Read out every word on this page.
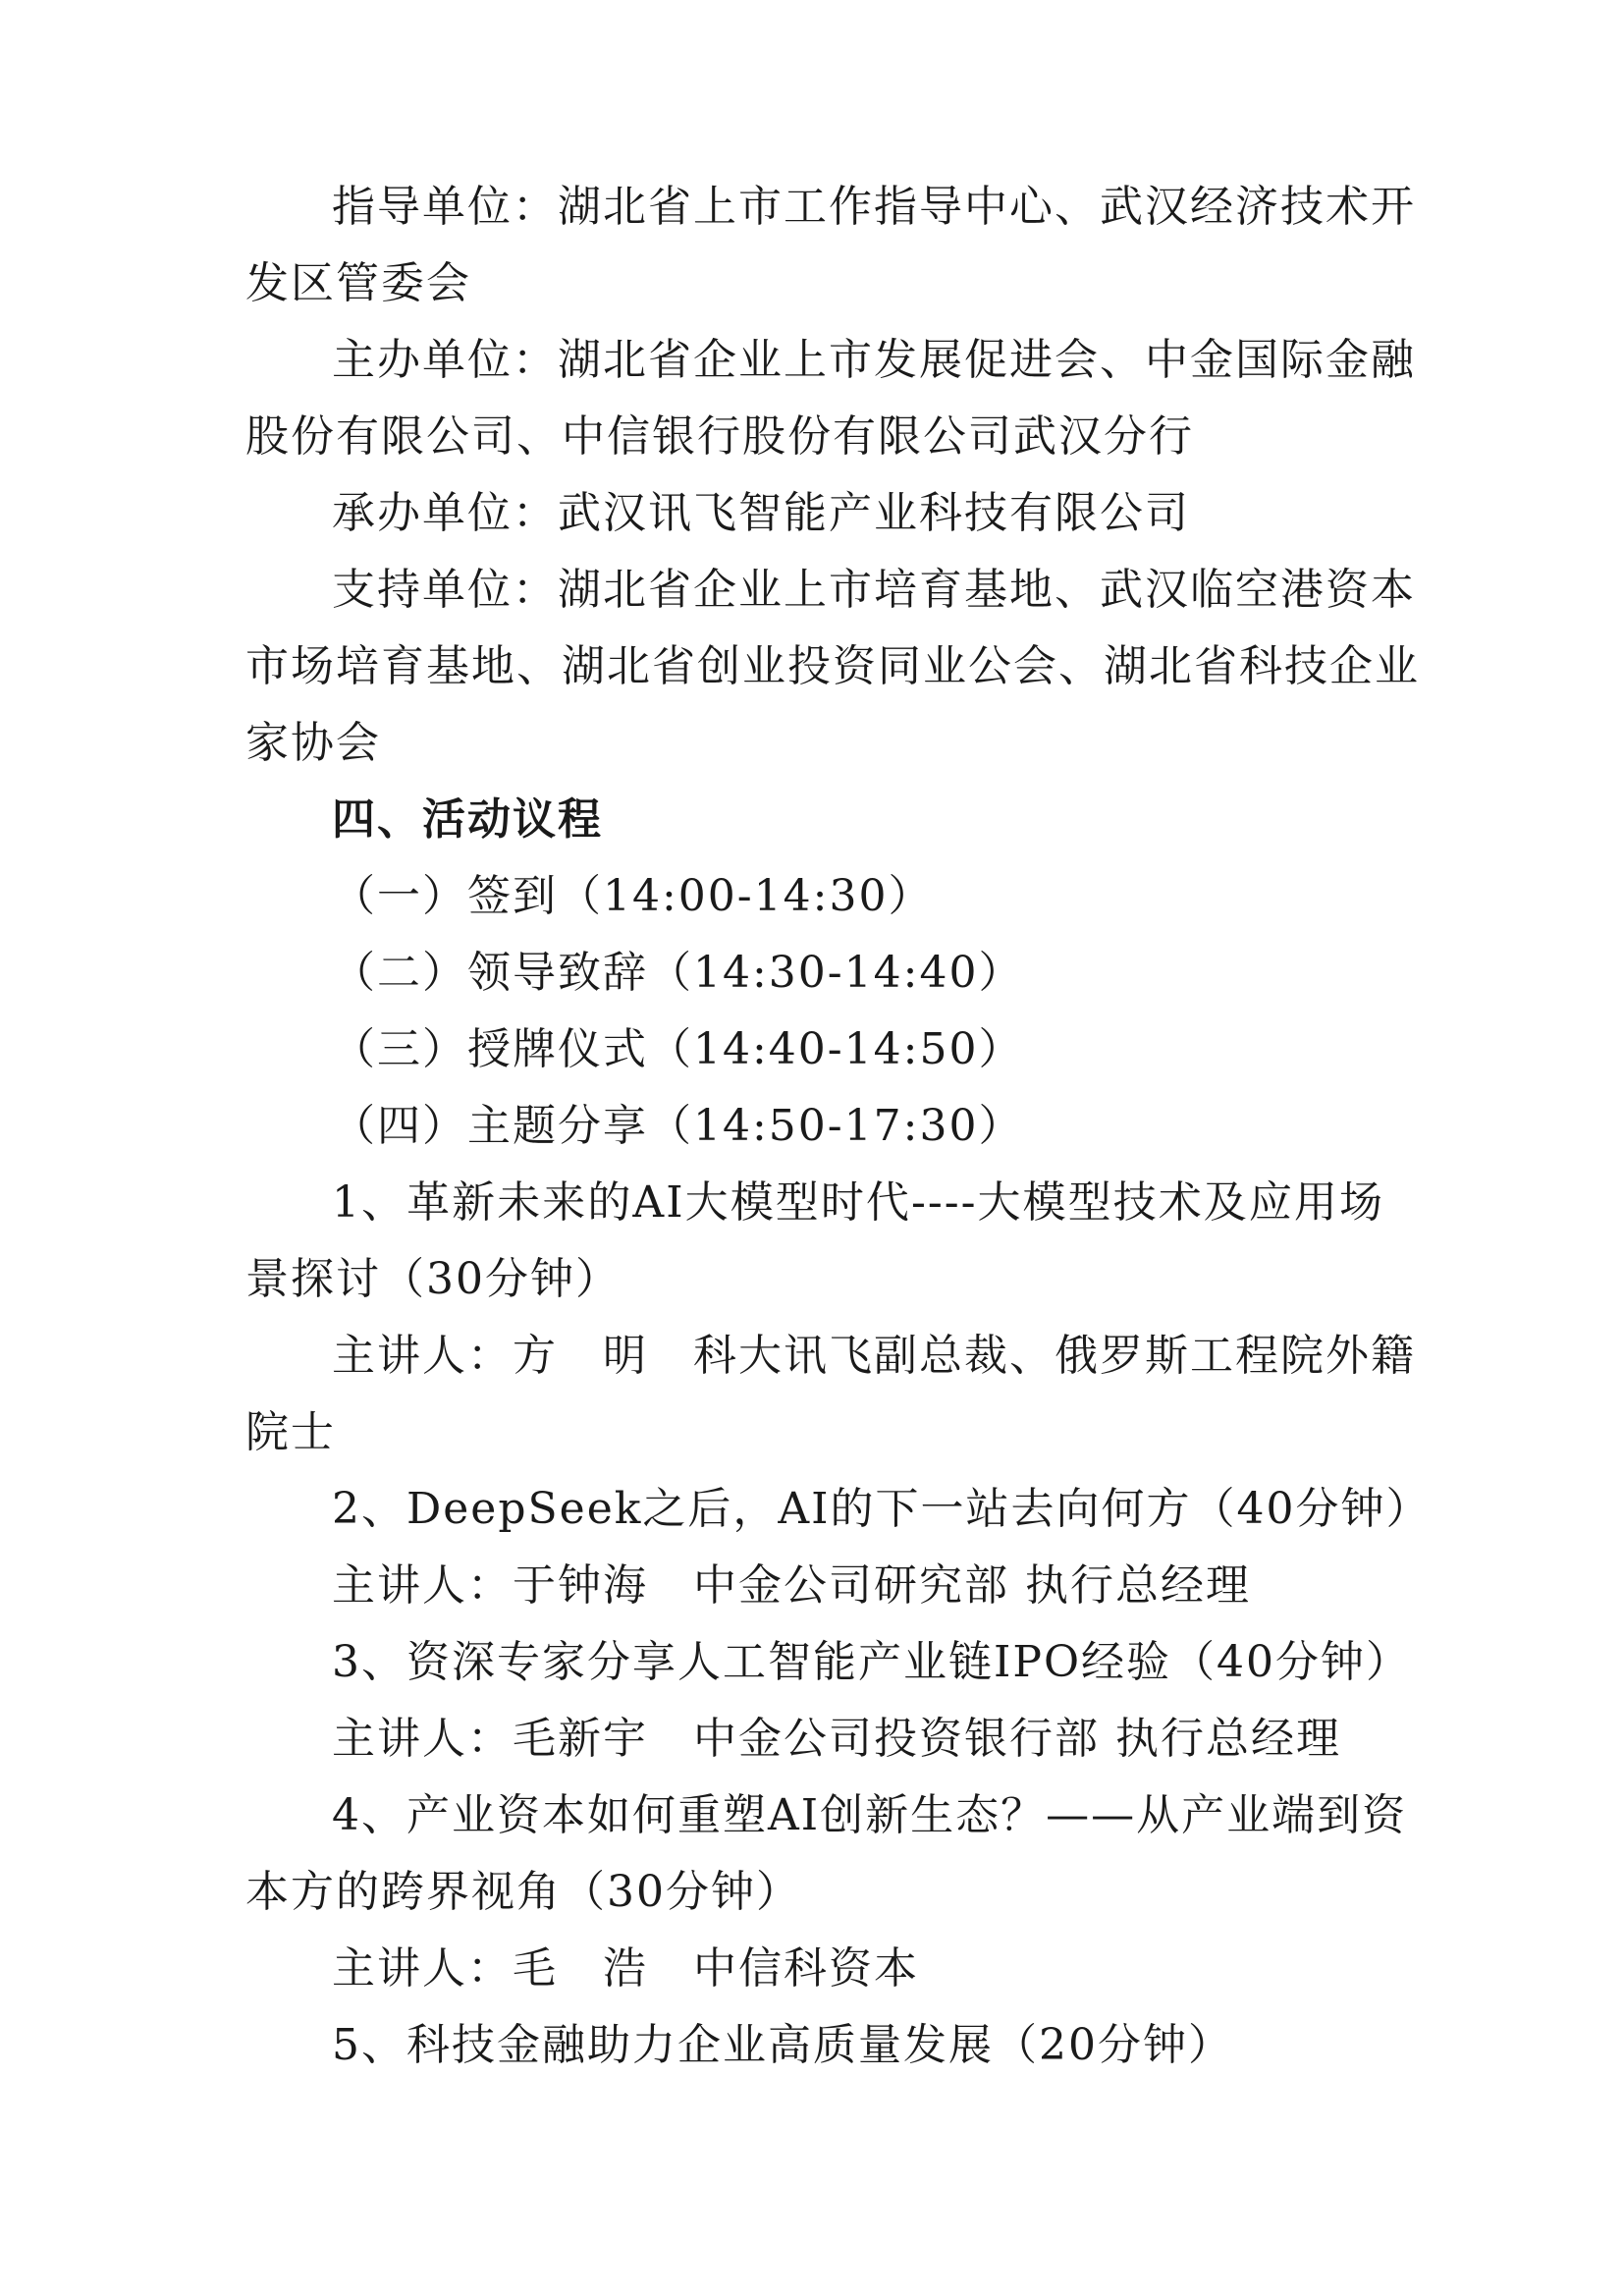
指导单位：湖北省上市工作指导中心、武汉经济技术开
发区管委会
主办单位：湖北省企业上市发展促进会、中金国际金融
股份有限公司、中信银行股份有限公司武汉分行
承办单位：武汉讯飞智能产业科技有限公司
支持单位：湖北省企业上市培育基地、武汉临空港资本
市场培育基地、湖北省创业投资同业公会、湖北省科技企业
家协会
四、活动议程
（一）签到（14:00-14:30）
（二）领导致辞（14:30-14:40）
（三）授牌仪式（14:40-14:50）
（四）主题分享（14:50-17:30）
1、革新未来的AI大模型时代----大模型技术及应用场
景探讨（30分钟）
主讲人：方　明　科大讯飞副总裁、俄罗斯工程院外籍
院士
2、DeepSeek之后，AI的下一站去向何方（40分钟）
主讲人：于钟海　中金公司研究部 执行总经理
3、资深专家分享人工智能产业链IPO经验（40分钟）
主讲人：毛新宇　中金公司投资银行部 执行总经理
4、产业资本如何重塑AI创新生态？——从产业端到资
本方的跨界视角（30分钟）
主讲人：毛　浩　中信科资本
5、科技金融助力企业高质量发展（20分钟）
